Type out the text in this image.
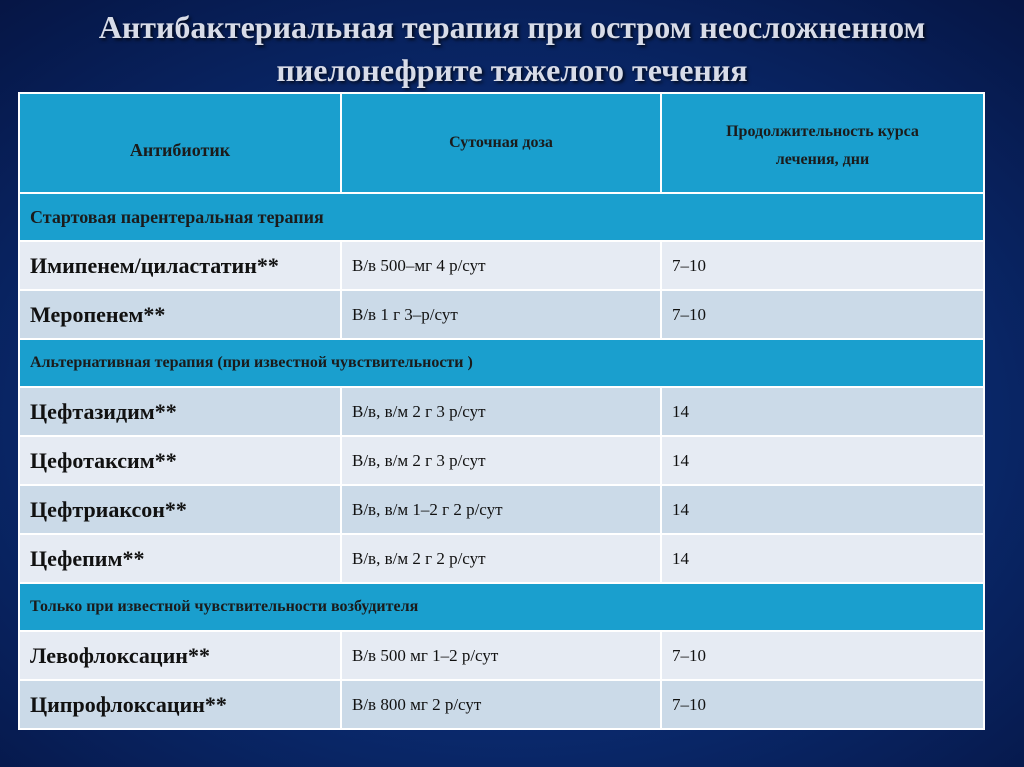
Антибактериальная терапия при остром неосложненном
пиелонефрите тяжелого течения
Антибиотик	Суточная доза	Продолжительность курса
лечения, дни
Стартовая парентеральная терапия		
Имипенем/циластатин**	В/в 500–мг 4 р/сут	7–10
Меропенем**	В/в 1 г 3–р/сут	7–10
Альтернативная терапия (при известной чувствительности )		
Цефтазидим**	В/в, в/м 2 г 3 р/сут	14
Цефотаксим**	В/в, в/м 2 г 3 р/сут	14
Цефтриаксон**	В/в, в/м 1–2 г 2 р/сут	14
Цефепим**	В/в, в/м 2 г 2 р/сут	14
Только при известной чувствительности возбудителя		
Левофлоксацин**	В/в 500 мг 1–2 р/сут	7–10
Ципрофлоксацин**	В/в 800 мг 2 р/сут	7–10
